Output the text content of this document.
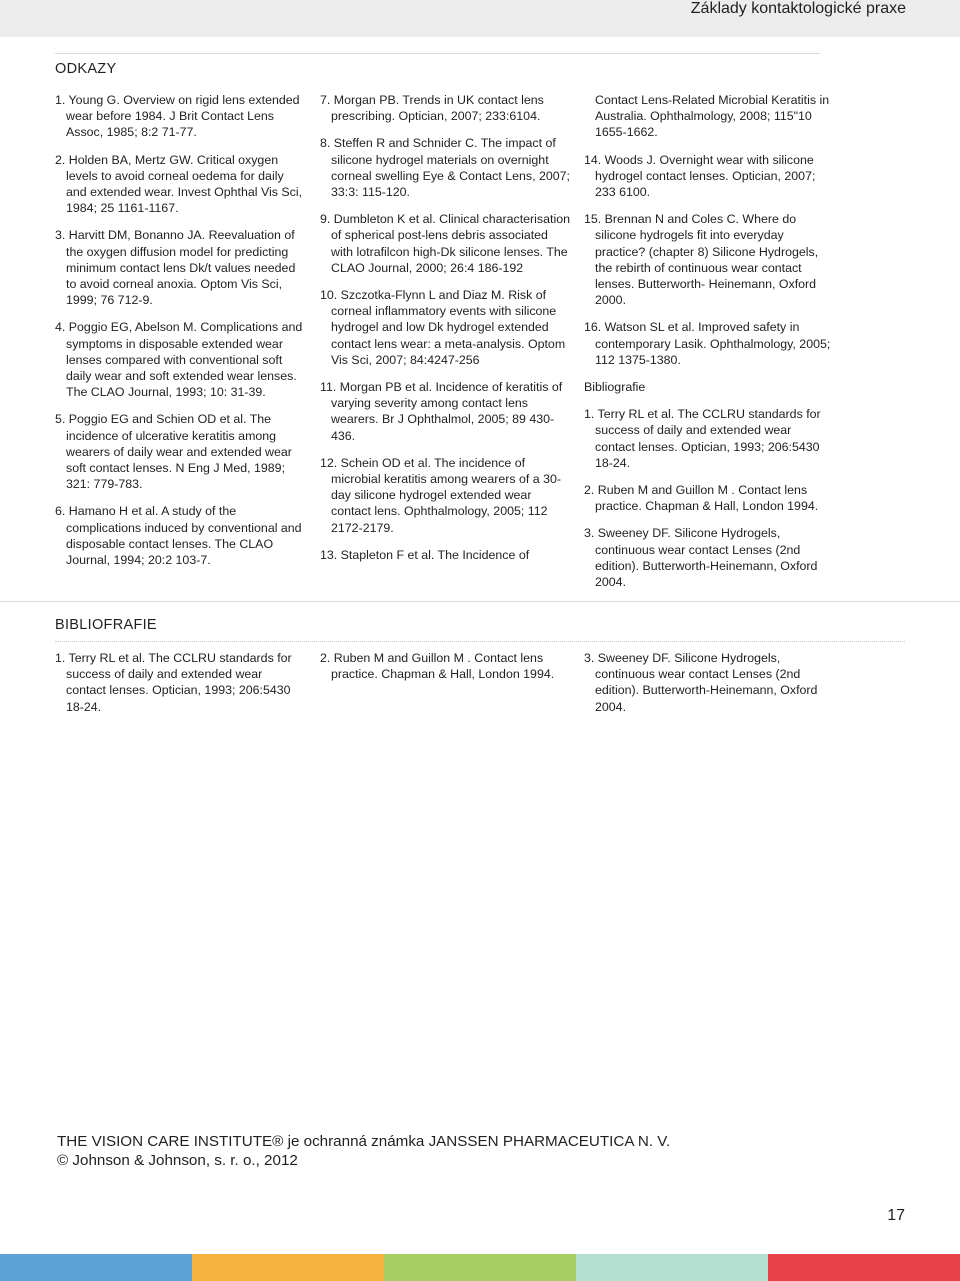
Základy kontaktologické praxe
ODKAZY
1. Young G. Overview on rigid lens extended wear before 1984. J Brit Contact Lens Assoc, 1985; 8:2 71-77.
2. Holden BA, Mertz GW. Critical oxygen levels to avoid corneal oedema for daily and extended wear. Invest Ophthal Vis Sci, 1984; 25 1161-1167.
3. Harvitt DM, Bonanno JA. Reevaluation of the oxygen diffusion model for predicting minimum contact lens Dk/t values needed to avoid corneal anoxia. Optom Vis Sci, 1999; 76 712-9.
4. Poggio EG, Abelson M. Complications and symptoms in disposable extended wear lenses compared with conventional soft daily wear and soft extended wear lenses. The CLAO Journal, 1993; 10: 31-39.
5. Poggio EG and Schien OD et al. The incidence of ulcerative keratitis among wearers of daily wear and extended wear soft contact lenses. N Eng J Med, 1989; 321: 779-783.
6. Hamano H et al. A study of the complications induced by conventional and disposable contact lenses. The CLAO Journal, 1994; 20:2 103-7.
7. Morgan PB. Trends in UK contact lens prescribing. Optician, 2007; 233:6104.
8. Steffen R and Schnider C. The impact of silicone hydrogel materials on overnight corneal swelling Eye & Contact Lens, 2007; 33:3: 115-120.
9. Dumbleton K et al. Clinical characterisation of spherical post-lens debris associated with lotrafilcon high-Dk silicone lenses. The CLAO Journal, 2000; 26:4 186-192
10. Szczotka-Flynn L and Diaz M. Risk of corneal inflammatory events with silicone hydrogel and low Dk hydrogel extended contact lens wear: a meta-analysis. Optom Vis Sci, 2007; 84:4247-256
11. Morgan PB et al. Incidence of keratitis of varying severity among contact lens wearers. Br J Ophthalmol, 2005; 89 430-436.
12. Schein OD et al. The incidence of microbial keratitis among wearers of a 30-day silicone hydrogel extended wear contact lens. Ophthalmology, 2005; 112 2172-2179.
13. Stapleton F et al. The Incidence of
Contact Lens-Related Microbial Keratitis in Australia. Ophthalmology, 2008; 115"10 1655-1662.
14. Woods J. Overnight wear with silicone hydrogel contact lenses. Optician, 2007; 233 6100.
15. Brennan N and Coles C. Where do silicone hydrogels fit into everyday practice? (chapter 8) Silicone Hydrogels, the rebirth of continuous wear contact lenses. Butterworth- Heinemann, Oxford 2000.
16. Watson SL et al. Improved safety in contemporary Lasik. Ophthalmology, 2005; 112 1375-1380.
Bibliografie
1. Terry RL et al. The CCLRU standards for success of daily and extended wear contact lenses. Optician, 1993; 206:5430 18-24.
2. Ruben M and Guillon M . Contact lens practice. Chapman & Hall, London 1994.
3. Sweeney DF. Silicone Hydrogels, continuous wear contact Lenses (2nd edition). Butterworth-Heinemann, Oxford 2004.
BIBLIOFRAFIE
1. Terry RL et al. The CCLRU standards for success of daily and extended wear contact lenses. Optician, 1993; 206:5430 18-24.
2. Ruben M and Guillon M . Contact lens practice. Chapman & Hall, London 1994.
3. Sweeney DF. Silicone Hydrogels, continuous wear contact Lenses (2nd edition). Butterworth-Heinemann, Oxford 2004.
THE VISION CARE INSTITUTE® je ochranná známka JANSSEN PHARMACEUTICA N. V.
© Johnson & Johnson, s. r. o., 2012
17
